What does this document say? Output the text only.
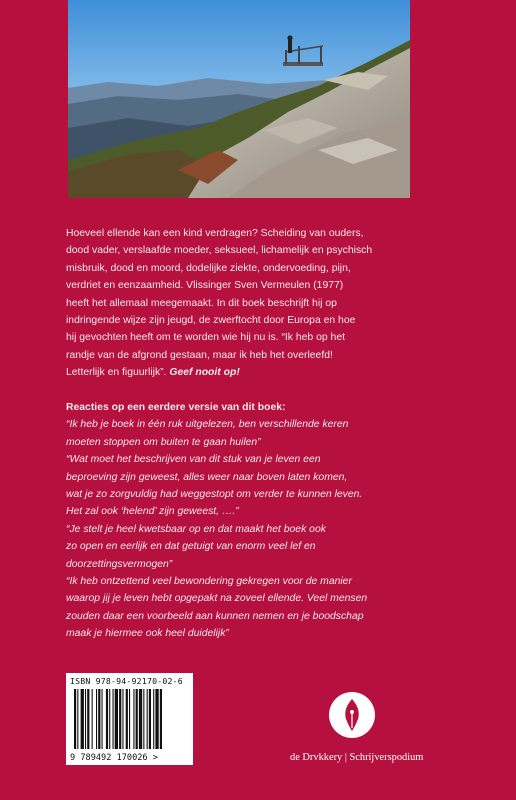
Hoeveel ellende kan een kind verdragen? Scheiding van ouders,
dood vader, verslaafde moeder, seksueel, lichamelijk en psychisch
misbruik, dood en moord, dodelijke ziekte, ondervoeding, pijn,
verdriet en eenzaamheid. Vlissinger Sven Vermeulen (1977)
heeft het allemaal meegemaakt. In dit boek beschrijft hij op
indringende wijze zijn jeugd, de zwerftocht door Europa en hoe
hij gevochten heeft om te worden wie hij nu is. “Ik heb op het
randje van de afgrond gestaan, maar ik heb het overleefd!
Letterlijk en figuurlijk”. Geef nooit op!
Reacties op een eerdere versie van dit boek:
“Ik heb je boek in één ruk uitgelezen, ben verschillende keren
moeten stoppen om buiten te gaan huilen”
“Wat moet het beschrijven van dit stuk van je leven een
beproeving zijn geweest, alles weer naar boven laten komen,
wat je zo zorgvuldig had weggestopt om verder te kunnen leven.
Het zal ook ‘helend’ zijn geweest, ….”
“Je stelt je heel kwetsbaar op en dat maakt het boek ook
zo open en eerlijk en dat getuigt van enorm veel lef en
doorzettingsvermogen”
“Ik heb ontzettend veel bewondering gekregen voor de manier
waarop jij je leven hebt opgepakt na zoveel ellende. Veel mensen
zouden daar een voorbeeld aan kunnen nemen en je boodschap
maak je hiermee ook heel duidelijk”
ISBN 978-94-92170-02-6
9 789492 170026 >	de Drvkkery | Schrijverspodium
